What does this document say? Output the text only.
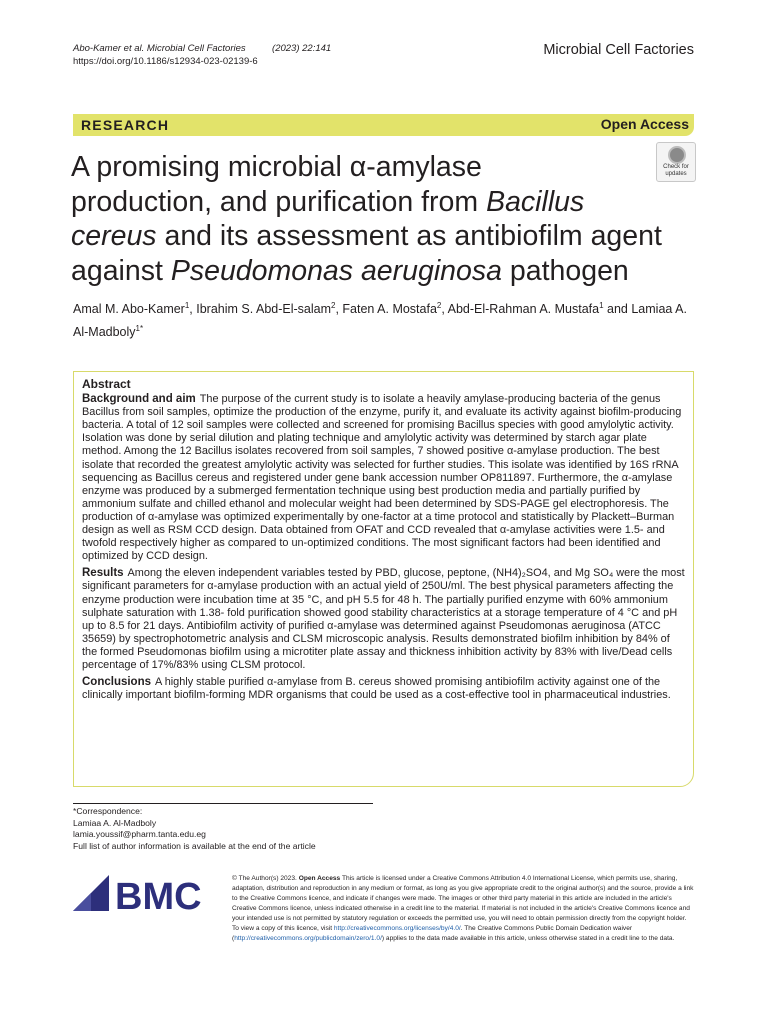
Abo-Kamer et al. Microbial Cell Factories          (2023) 22:141
https://doi.org/10.1186/s12934-023-02139-6
Microbial Cell Factories
RESEARCH	Open Access
Check for
updates
A promising microbial α-amylase
production, and purification from Bacillus
cereus and its assessment as antibiofilm agent
against Pseudomonas aeruginosa pathogen
Amal M. Abo-Kamer$^1$, Ibrahim S. Abd-El-salam$^2$, Faten A. Mostafa$^2$, Abd-El-Rahman A. Mustafa$^1$ and Lamiaa A. Al-Madboly$^{1*}$
Abstract

Background and aim The purpose of the current study is to isolate a heavily amylase-producing bacteria of the genus Bacillus from soil samples, optimize the production of the enzyme, purify it, and evaluate its activity against biofilm-producing bacteria. A total of 12 soil samples were collected and screened for promising Bacillus species with good amylolytic activity. Isolation was done by serial dilution and plating technique and amylolytic activity was determined by starch agar plate method. Among the 12 Bacillus isolates recovered from soil samples, 7 showed positive α-amylase production. The best isolate that recorded the greatest amylolytic activity was selected for further studies. This isolate was identified by 16S rRNA sequencing as Bacillus cereus and registered under gene bank accession number OP811897. Furthermore, the α-amylase enzyme was produced by a submerged fermentation technique using best production media and partially purified by ammonium sulfate and chilled ethanol and molecular weight had been determined by SDS-PAGE gel electrophoresis. The production of α-amylase was optimized experimentally by one-factor at a time protocol and statistically by Plackett–Burman design as well as RSM CCD design. Data obtained from OFAT and CCD revealed that α-amylase activities were 1.5- and twofold respectively higher as compared to un-optimized conditions. The most significant factors had been identified and optimized by CCD design.

Results Among the eleven independent variables tested by PBD, glucose, peptone, (NH4)₂SO4, and Mg SO₄ were the most significant parameters for α-amylase production with an actual yield of 250U/ml. The best physical parameters affecting the enzyme production were incubation time at 35 °C, and pH 5.5 for 48 h. The partially purified enzyme with 60% ammonium sulphate saturation with 1.38- fold purification showed good stability characteristics at a storage temperature of 4 °C and pH up to 8.5 for 21 days. Antibiofilm activity of purified α-amylase was determined against Pseudomonas aeruginosa (ATCC 35659) by spectrophotometric analysis and CLSM microscopic analysis. Results demonstrated biofilm inhibition by 84% of the formed Pseudomonas biofilm using a microtiter plate assay and thickness inhibition activity by 83% with live/Dead cells percentage of 17%/83% using CLSM protocol.

Conclusions A highly stable purified α-amylase from B. cereus showed promising antibiofilm activity against one of the clinically important biofilm-forming MDR organisms that could be used as a cost-effective tool in pharmaceutical industries.

*Correspondence:
Lamiaa A. Al-Madboly
lamia.youssif@pharm.tanta.edu.eg
Full list of author information is available at the end of the article
BMC	© The Author(s) 2023. Open Access This article is licensed under a Creative Commons Attribution 4.0 International License, which permits use, sharing, adaptation, distribution and reproduction in any medium or format, as long as you give appropriate credit to the original author(s) and the source, provide a link to the Creative Commons licence, and indicate if changes were made. The images or other third party material in this article are included in the article's Creative Commons licence, unless indicated otherwise in a credit line to the material. If material is not included in the article's Creative Commons licence and your intended use is not permitted by statutory regulation or exceeds the permitted use, you will need to obtain permission directly from the copyright holder. To view a copy of this licence, visit http://creativecommons.org/licenses/by/4.0/. The Creative Commons Public Domain Dedication waiver (http://creativecommons.org/publicdomain/zero/1.0/) applies to the data made available in this article, unless otherwise stated in a credit line to the data.
